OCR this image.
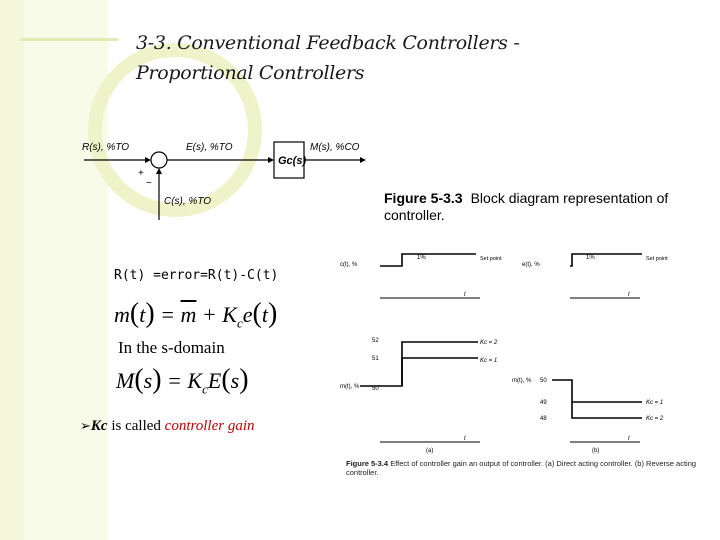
3-3. Conventional Feedback Controllers -
Proportional Controllers
R(s), %TO	E(s), %TO	M(s), %CO
C(s), %TO
Gc(s)
+
−
Figure 5-3.3 Block diagram representation of controller.
R(t) =error=R(t)-C(t)
$m(t) = \overline{m} + K_ce(t)$
In the s-domain
$M(s) = K_cE(s)$
➢Kc is called controller gain
c(t), %
1%	Set point
t
e(t), %
1%	Set point
t
m(t), %
52
51
50
Kc = 2
Kc = 1
t
(a)
m(t), % 50
49
48
Kc = 1
Kc = 2
t
(b)
Figure 5-3.4 Effect of controller gain an output of controller. (a) Direct acting controller. (b) Reverse acting controller.
